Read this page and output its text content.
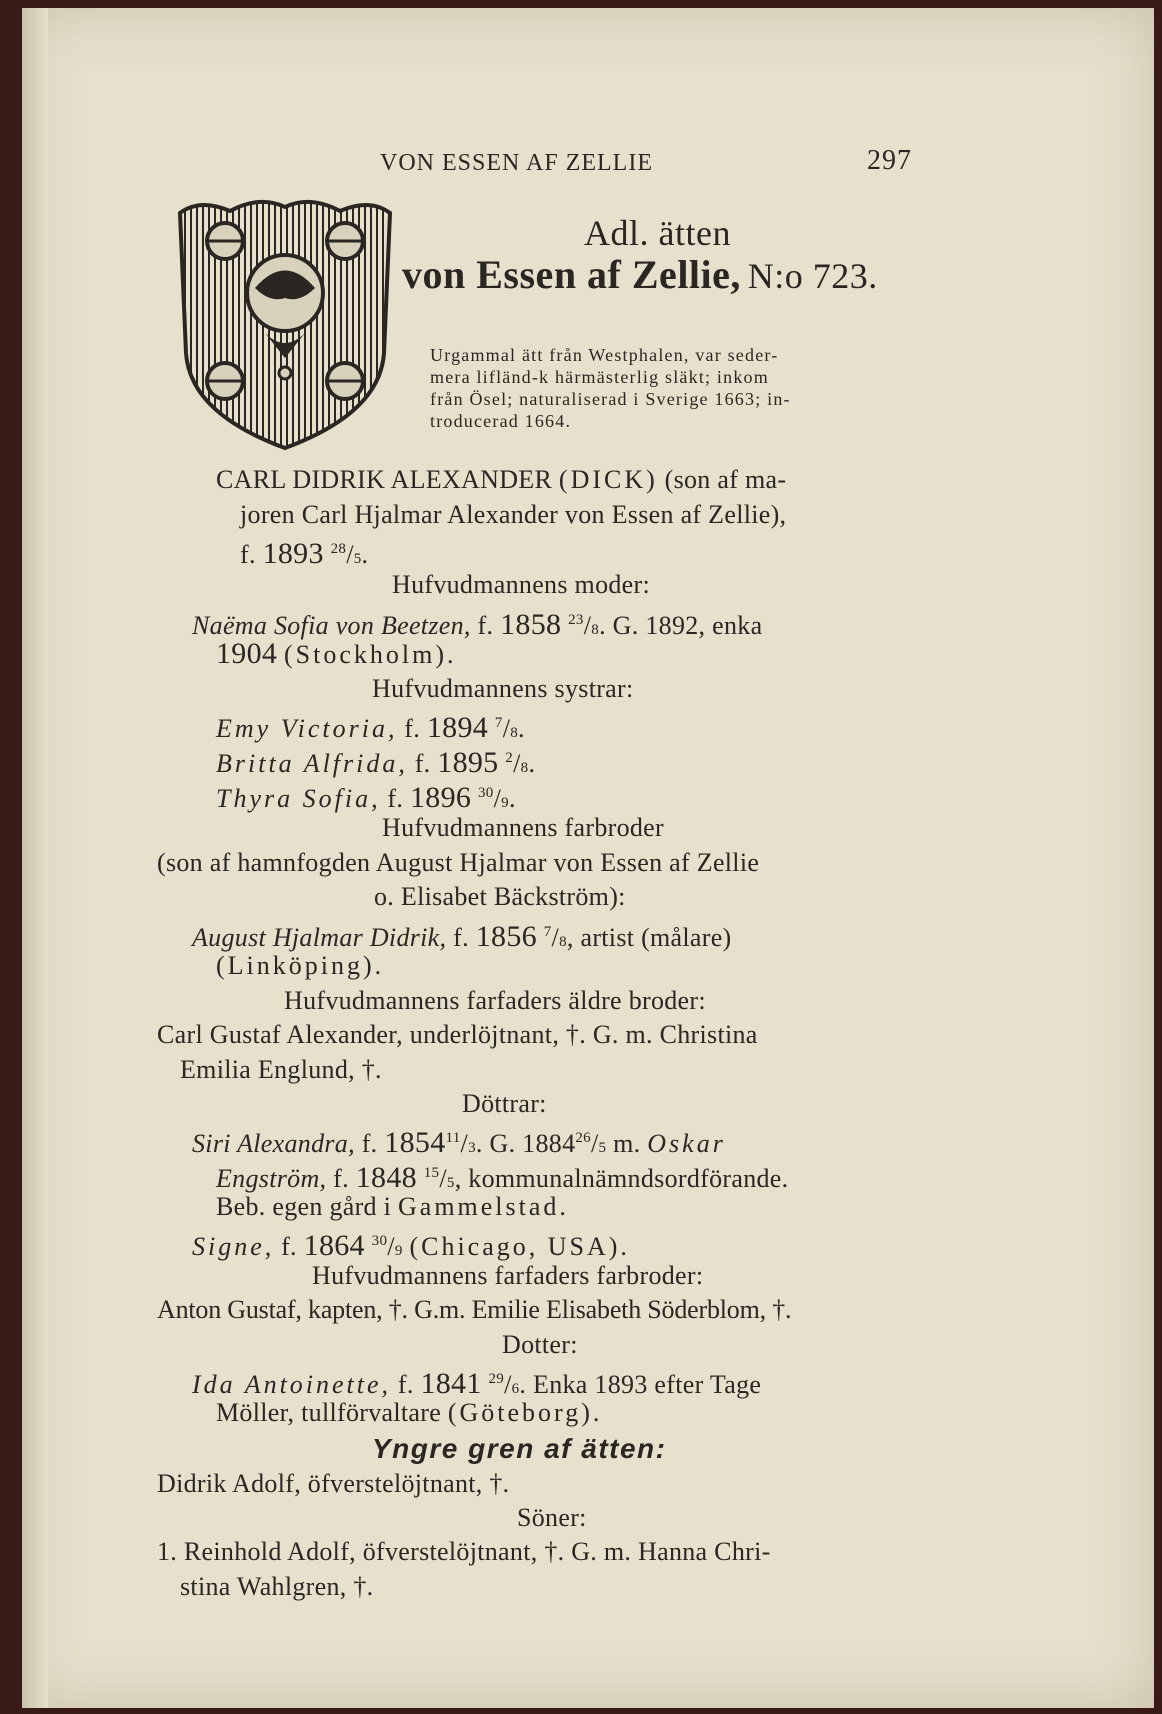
VON ESSEN AF ZELLIE	297
Adl. ätten
von Essen af Zellie, N:o 723.
Urgammal ätt från Westphalen, var seder-
mera lifländ-k härmästerlig släkt; inkom
från Ösel; naturaliserad i Sverige 1663; in-
troducerad 1664.
CARL DIDRIK ALEXANDER (DICK) (son af ma-
joren Carl Hjalmar Alexander von Essen af Zellie),
f. 1893 $^{28}$/5.
Hufvudmannens moder:
Naëma Sofia von Beetzen, f. 1858 $^{23}$/8. G. 1892, enka
1904 (Stockholm).
Hufvudmannens systrar:
Emy Victoria, f. 1894 $^7$/8.
Britta Alfrida, f. 1895 $^2$/8.
Thyra Sofia, f. 1896 $^{30}$/9.
Hufvudmannens farbroder
(son af hamnfogden August Hjalmar von Essen af Zellie
o. Elisabet Bäckström):
August Hjalmar Didrik, f. 1856 $^7$/8, artist (målare)
(Linköping).
Hufvudmannens farfaders äldre broder:
Carl Gustaf Alexander, underlöjtnant, †. G. m. Christina
Emilia Englund, †.
Döttrar:
Siri Alexandra, f. 1854$^{11}$/3. G. 1884$^{26}$/5 m. Oskar
Engström, f. 1848 $^{15}$/5, kommunalnämndsordförande.
Beb. egen gård i Gammelstad.
Signe, f. 1864 $^{30}$/9 (Chicago, USA).
Hufvudmannens farfaders farbroder:
Anton Gustaf, kapten, †. G.m. Emilie Elisabeth Söderblom, †.
Dotter:
Ida Antoinette, f. 1841 $^{29}$/6. Enka 1893 efter Tage
Möller, tullförvaltare (Göteborg).
Yngre gren af ätten:
Didrik Adolf, öfverstelöjtnant, †.
Söner:
1. Reinhold Adolf, öfverstelöjtnant, †. G. m. Hanna Chri-
stina Wahlgren, †.
